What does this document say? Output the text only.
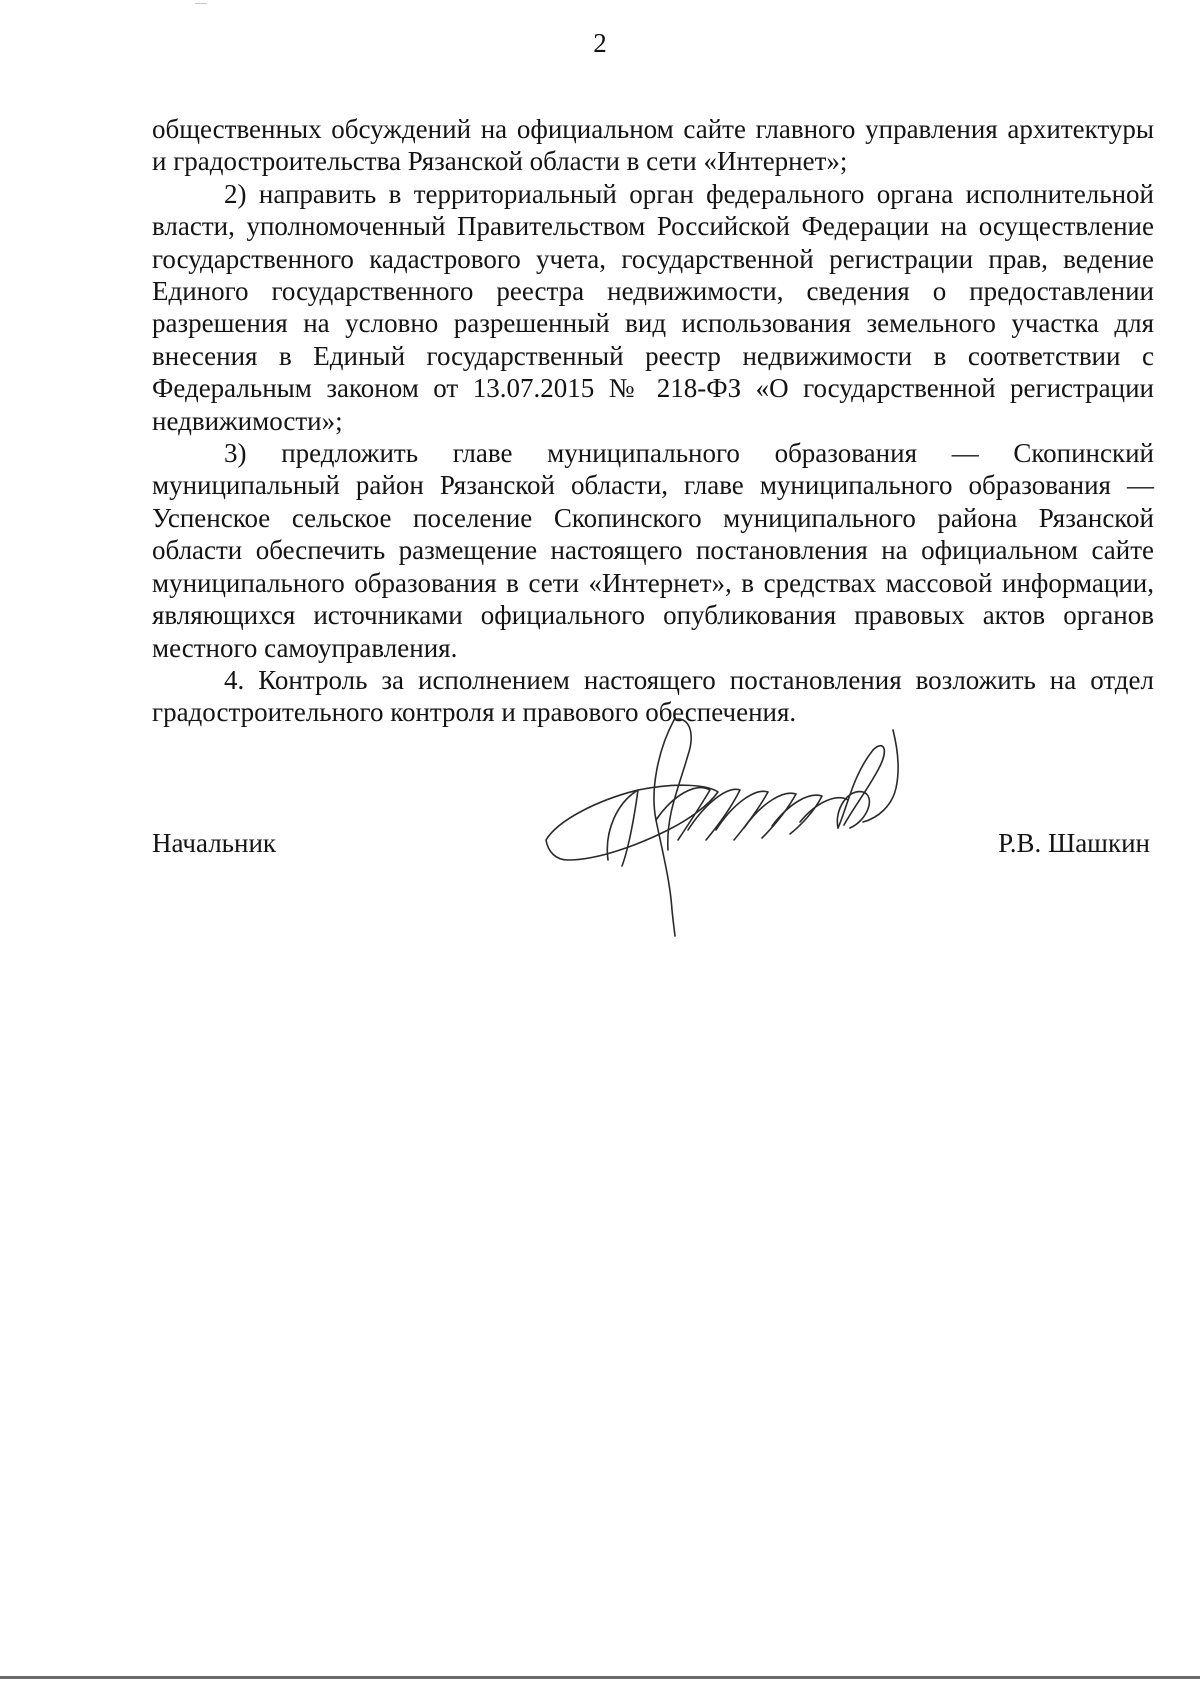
2

общественных обсуждений на официальном сайте главного управления архитектуры и градостроительства Рязанской области в сети «Интернет»;

2) направить в территориальный орган федерального органа исполнительной власти, уполномоченный Правительством Российской Федерации на осуществление государственного кадастрового учета, государственной регистрации прав, ведение Единого государственного реестра недвижимости, сведения о предоставлении разрешения на условно разрешенный вид использования земельного участка для внесения в Единый государственный реестр недвижимости в соответствии с Федеральным законом от 13.07.2015 № 218-ФЗ «О государственной регистрации недвижимости»;

3) предложить главе муниципального образования — Скопинский муниципальный район Рязанской области, главе муниципального образования — Успенское сельское поселение Скопинского муниципального района Рязанской области обеспечить размещение настоящего постановления на официальном сайте муниципального образования в сети «Интернет», в средствах массовой информации, являющихся источниками официального опубликования правовых актов органов местного самоуправления.

4. Контроль за исполнением настоящего постановления возложить на отдел градостроительного контроля и правового обеспечения.

Начальник	Р.В. Шашкин
